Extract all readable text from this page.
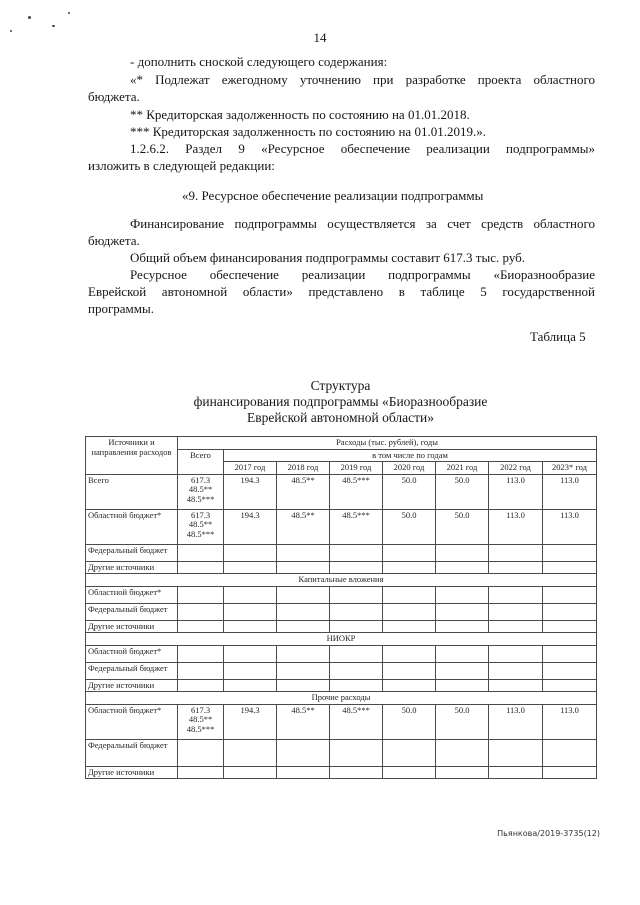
14
- дополнить сноской следующего содержания:
«* Подлежат ежегодному уточнению при разработке проекта областного
бюджета.
** Кредиторская задолженность по состоянию на 01.01.2018.
*** Кредиторская задолженность по состоянию на 01.01.2019.».
1.2.6.2. Раздел 9 «Ресурсное обеспечение реализации подпрограммы»
изложить в следующей редакции:
«9. Ресурсное обеспечение реализации подпрограммы
Финансирование подпрограммы осуществляется за счет средств областного
бюджета.
Общий объем финансирования подпрограммы составит 617.3 тыс. руб.
Ресурсное обеспечение реализации подпрограммы «Биоразнообразие
Еврейской автономной области» представлено в таблице 5 государственной
программы.
Таблица 5
Структура
финансирования подпрограммы «Биоразнообразие
Еврейской автономной области»
Источники и направления расходов	Расходы (тыс. рублей), годы							
	Всего	в том числе по годам						
		2017 год	2018 год	2019 год	2020 год	2021 год	2022 год	2023* год
Всего	617.3
48.5**
48.5***	194.3	48.5**	48.5***	50.0	50.0	113.0	113.0
Областной бюджет*	617.3
48.5**
48.5***	194.3	48.5**	48.5***	50.0	50.0	113.0	113.0
Федеральный бюджет								
Другие источники								
Капитальные вложения								
Областной бюджет*								
Федеральный бюджет								
Другие источники								
НИОКР								
Областной бюджет*								
Федеральный бюджет								
Другие источники								
Прочие расходы								
Областной бюджет*	617.3
48.5**
48.5***	194.3	48.5**	48.5***	50.0	50.0	113.0	113.0
Федеральный бюджет								
Другие источники								
Пьянкова/2019-3735(12)
